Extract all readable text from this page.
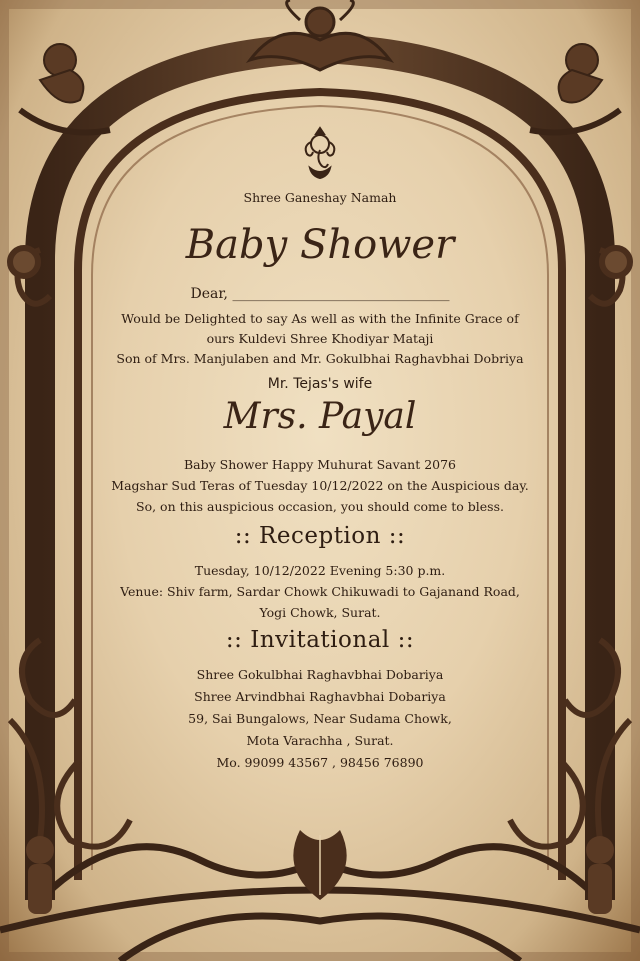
Shree Ganeshay Namah
Baby Shower
Dear, _______________________________
Would be Delighted to say As well as with the Infinite Grace of
ours Kuldevi Shree Khodiyar Mataji
Son of Mrs. Manjulaben and Mr. Gokulbhai Raghavbhai Dobriya
Mr. Tejas's wife
Mrs. Payal
Baby Shower Happy Muhurat Savant 2076
Magshar Sud Teras of Tuesday 10/12/2022 on the Auspicious day.
So, on this auspicious occasion, you should come to bless.
:: Reception ::
Tuesday, 10/12/2022 Evening 5:30 p.m.
Venue: Shiv farm, Sardar Chowk Chikuwadi to Gajanand Road,
Yogi Chowk, Surat.
:: Invitational ::
Shree Gokulbhai Raghavbhai Dobariya
Shree Arvindbhai Raghavbhai Dobariya
59, Sai Bungalows, Near Sudama Chowk,
Mota Varachha , Surat.
Mo. 99099 43567 , 98456 76890
